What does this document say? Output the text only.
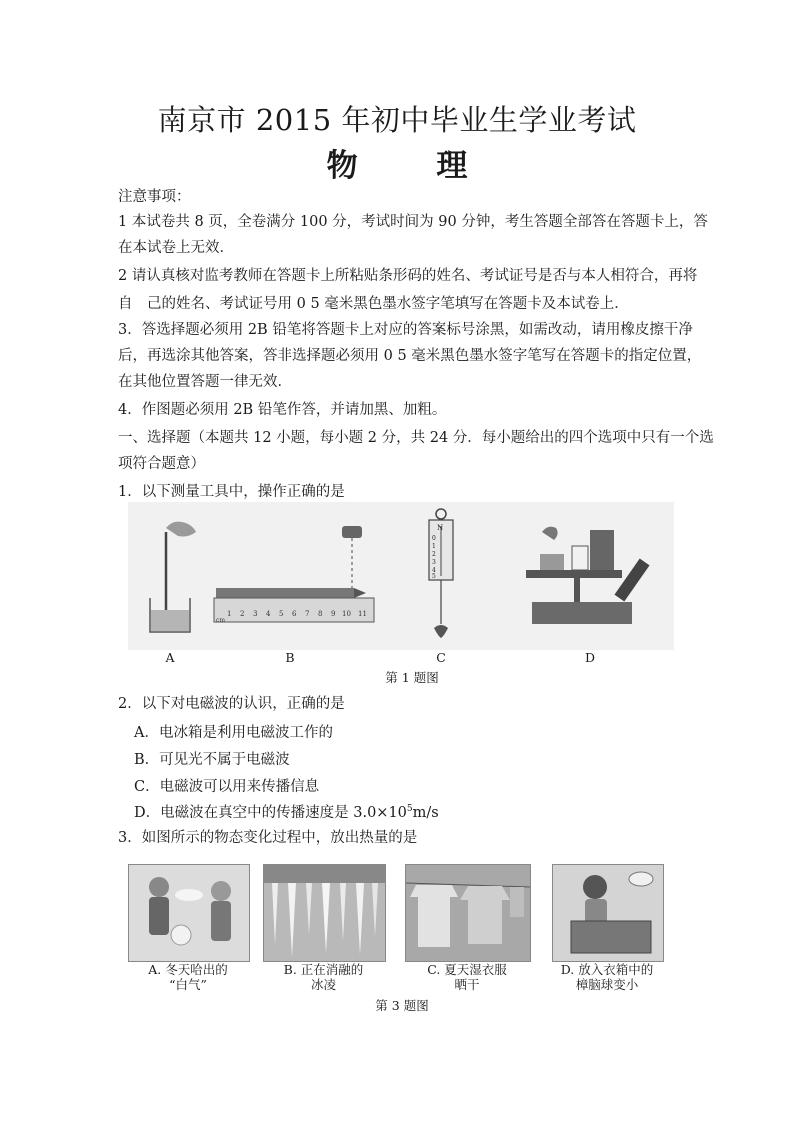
南京市 2015 年初中毕业生学业考试
物	理
注意事项：
1 本试卷共 8 页，全卷满分 100 分，考试时间为 90 分钟，考生答题全部答在答题卡上，答
在本试卷上无效．
2 请认真核对监考教师在答题卡上所粘贴条形码的姓名、考试证号是否与本人相符合，再将
自　己的姓名、考试证号用 0 5 毫米黑色墨水签字笔填写在答题卡及本试卷上．
3．答选择题必须用 2B 铅笔将答题卡上对应的答案标号涂黑，如需改动，请用橡皮擦干净
后，再选涂其他答案，答非选择题必须用 0 5 毫米黑色墨水签字笔写在答题卡的指定位置，
在其他位置答题一律无效．
4．作图题必须用 2B 铅笔作答，并请加黑、加粗。
一、选择题（本题共 12 小题，每小题 2 分，共 24 分．每小题给出的四个选项中只有一个选
项符合题意）
1．以下测量工具中，操作正确的是
cm
1 2 3 4 5 6 7 8 9 10 11
N
0
1
2
3
4
5
A	B	C	D
第 1 题图
2．以下对电磁波的认识，正确的是
A．电冰箱是利用电磁波工作的
B．可见光不属于电磁波
C．电磁波可以用来传播信息
D．电磁波在真空中的传播速度是 $3.0\times 10^5m/s$
3．如图所示的物态变化过程中，放出热量的是
A. 冬天哈出的
“白气”
B. 正在消融的
冰凌
C. 夏天湿衣服
晒干
D. 放入衣箱中的
樟脑球变小
第 3 题图
